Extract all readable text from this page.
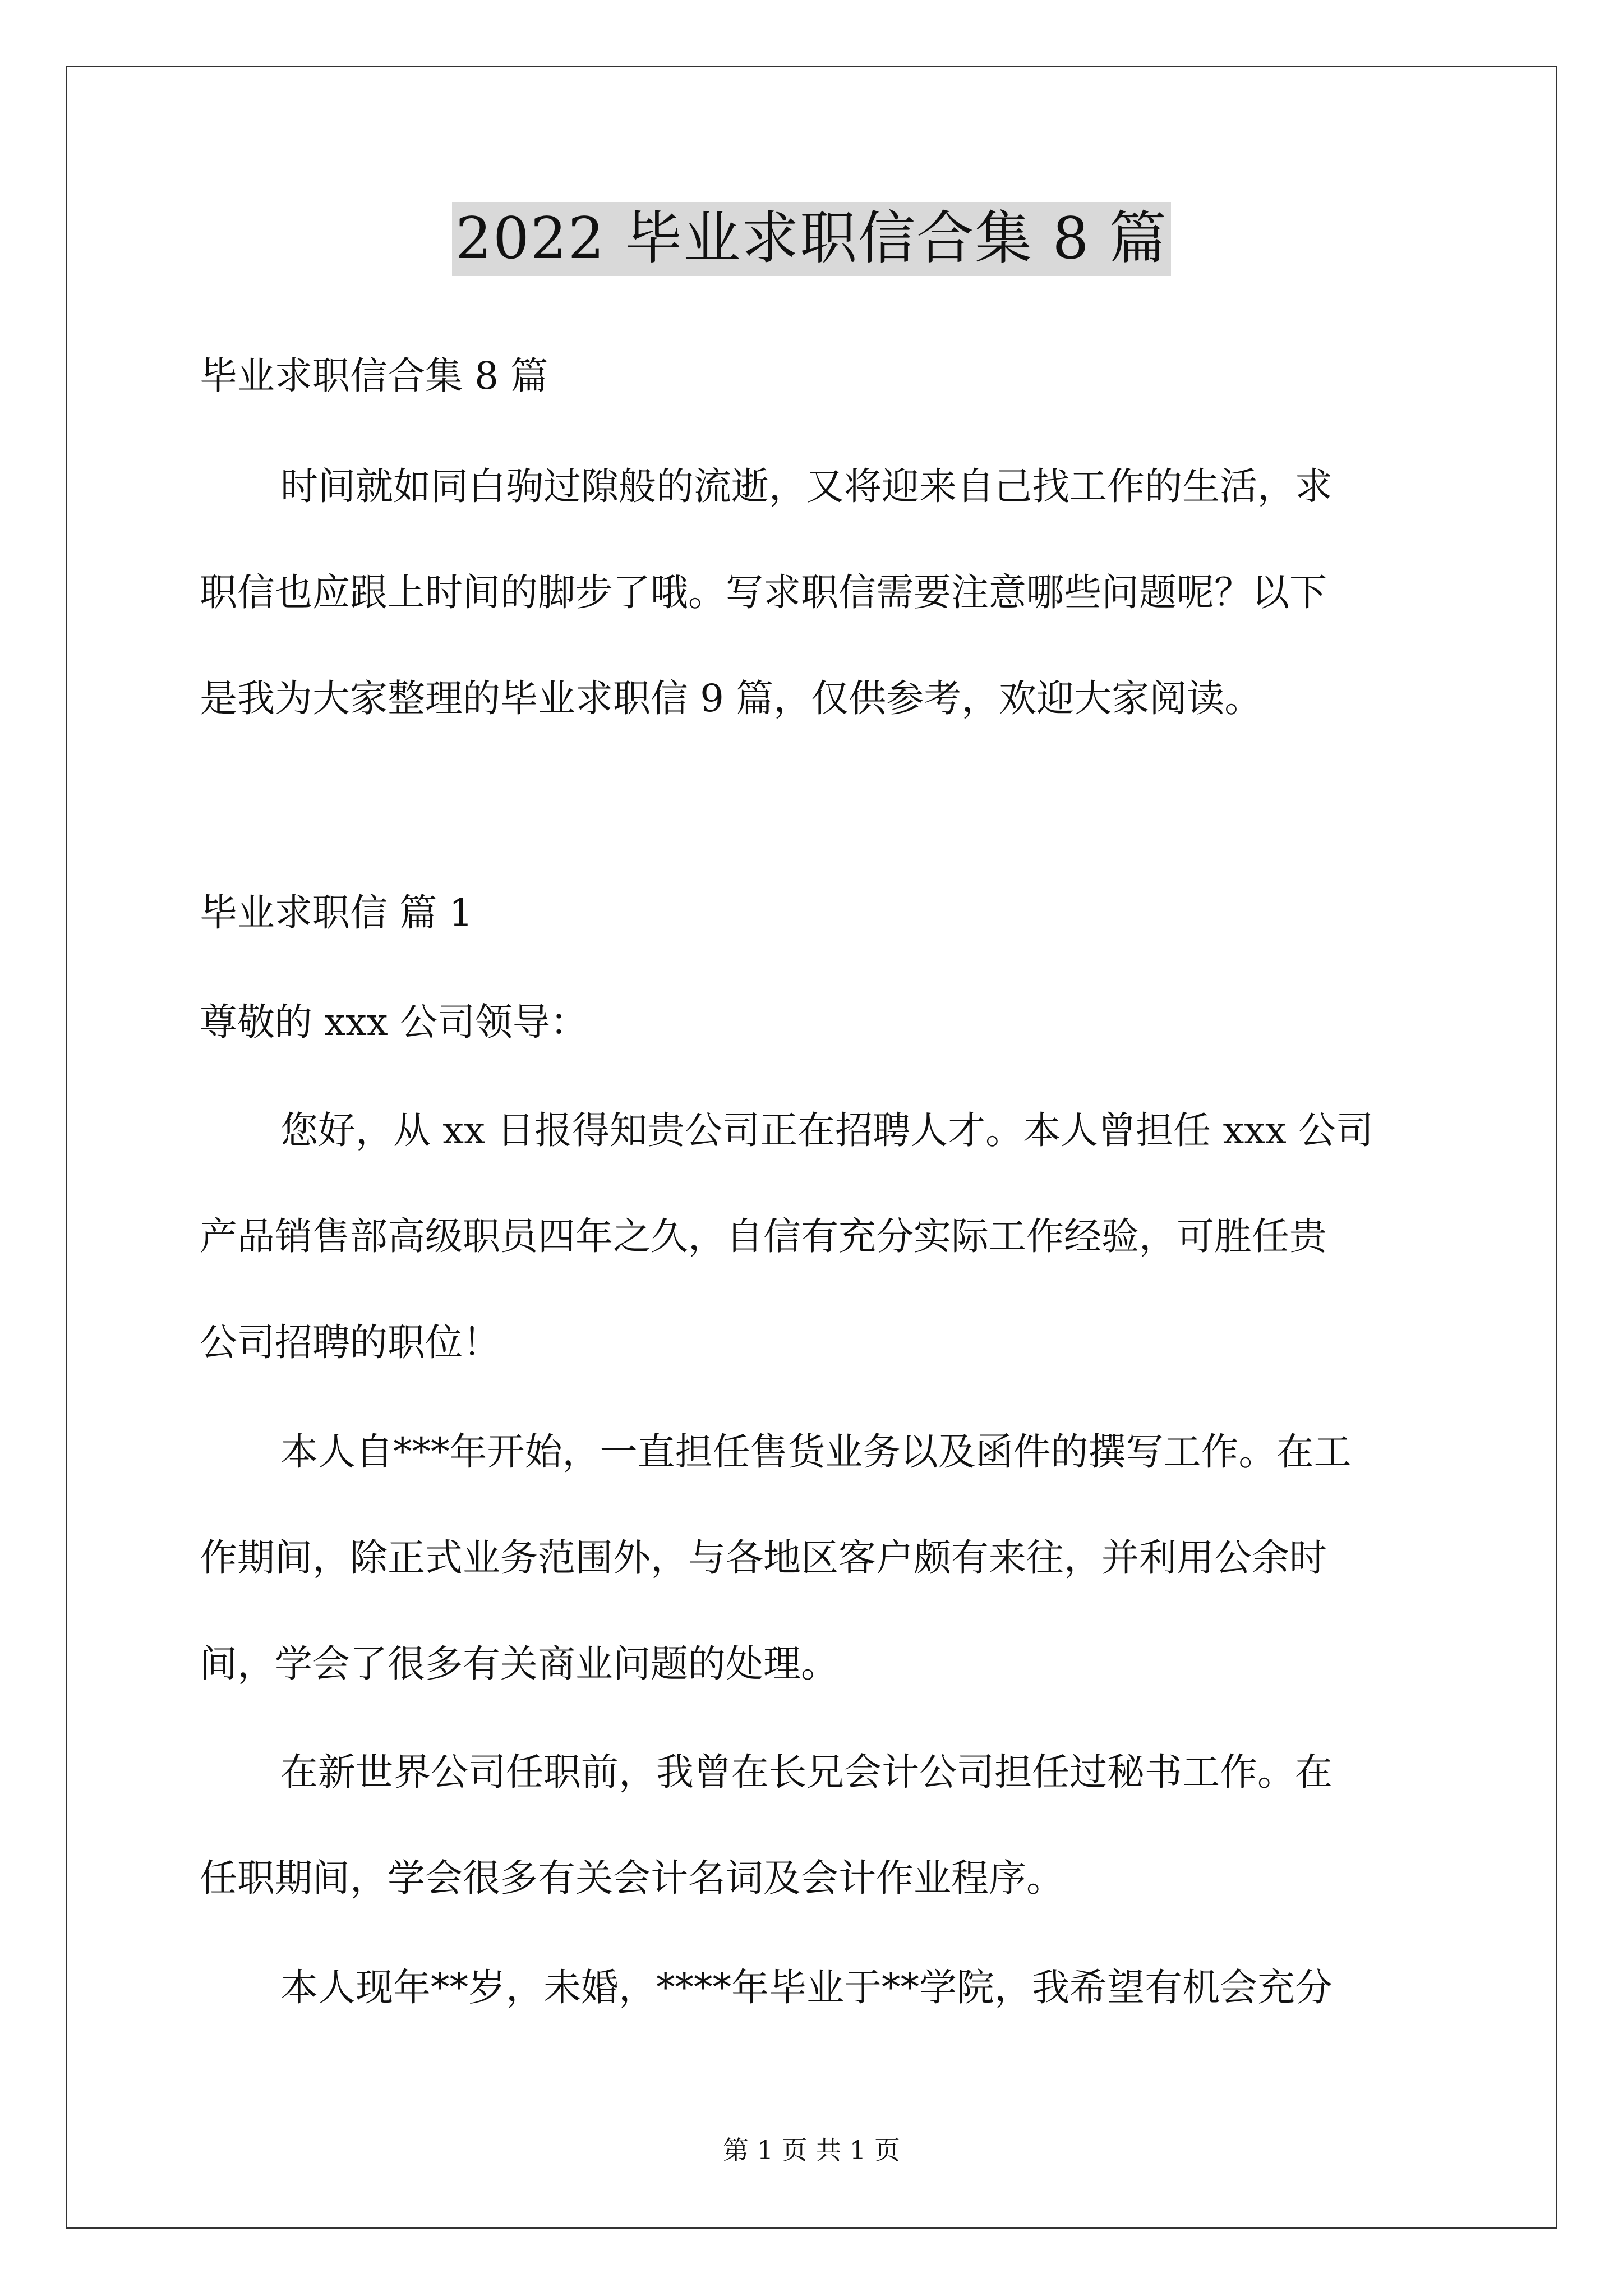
2022 毕业求职信合集 8 篇
毕业求职信合集 8 篇
时间就如同白驹过隙般的流逝，又将迎来自己找工作的生活，求
职信也应跟上时间的脚步了哦。写求职信需要注意哪些问题呢？以下
是我为大家整理的毕业求职信 9 篇，仅供参考，欢迎大家阅读。
毕业求职信 篇 1
尊敬的 xxx 公司领导：
您好，从 xx 日报得知贵公司正在招聘人才。本人曾担任 xxx 公司
产品销售部高级职员四年之久，自信有充分实际工作经验，可胜任贵
公司招聘的职位！
本人自***年开始，一直担任售货业务以及函件的撰写工作。在工
作期间，除正式业务范围外，与各地区客户颇有来往，并利用公余时
间，学会了很多有关商业问题的处理。
在新世界公司任职前，我曾在长兄会计公司担任过秘书工作。在
任职期间，学会很多有关会计名词及会计作业程序。
本人现年**岁，未婚，****年毕业于**学院，我希望有机会充分
第 1 页 共 1 页
